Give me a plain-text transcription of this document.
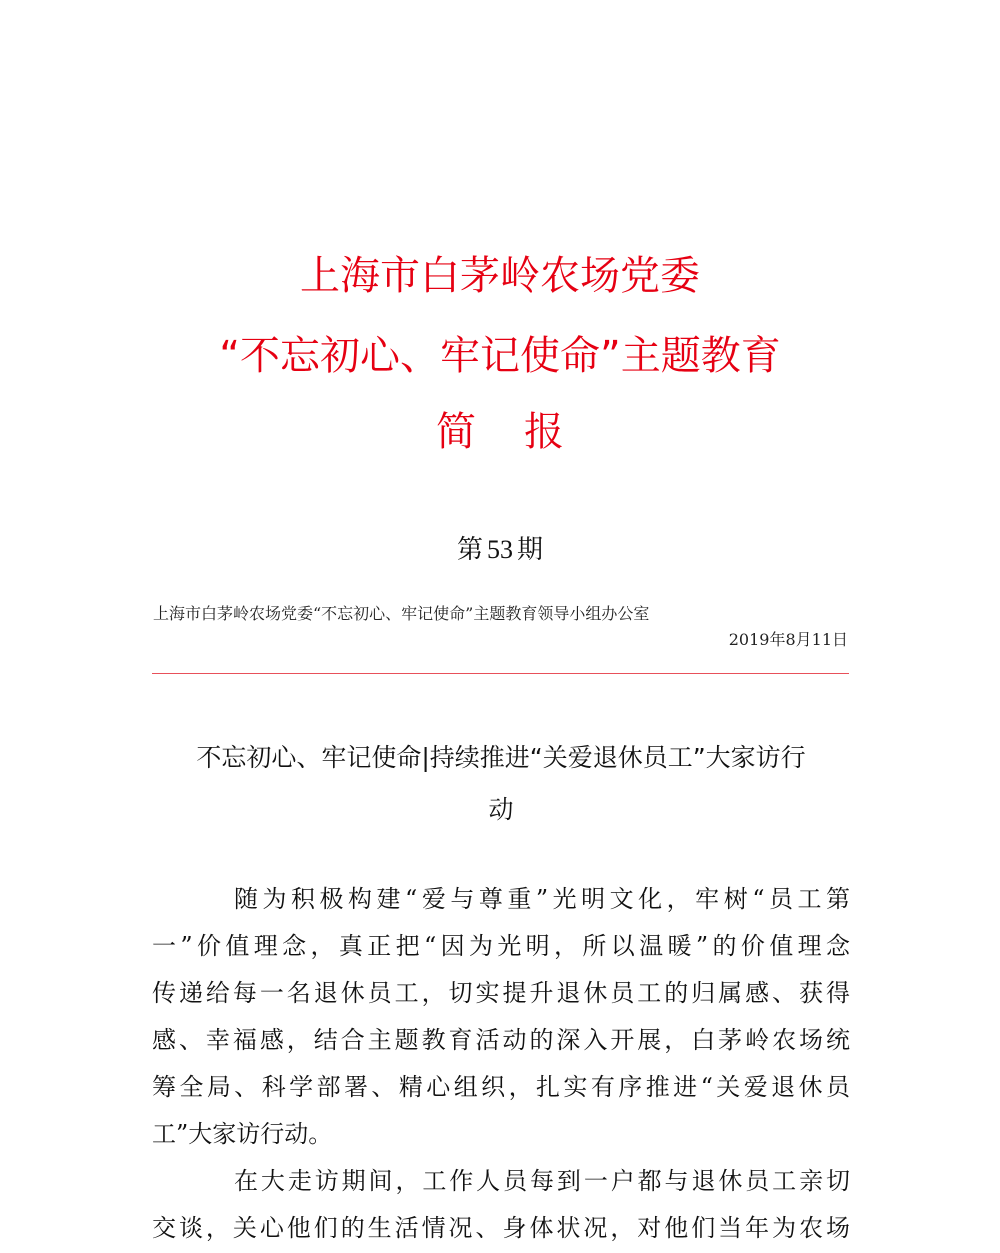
上海市白茅岭农场党委
“不忘初心、牢记使命”主题教育
简报
第 53 期
上海市白茅岭农场党委“不忘初心、牢记使命”主题教育领导小组办公室
2019年8月11日
不忘初心、牢记使命|持续推进“关爱退休员工”大家访行
动
随为积极构建“爱与尊重”光明文化，牢树“员工第
一”价值理念，真正把“因为光明，所以温暖”的价值理念
传递给每一名退休员工，切实提升退休员工的归属感、获得
感、幸福感，结合主题教育活动的深入开展，白茅岭农场统
筹全局、科学部署、精心组织，扎实有序推进“关爱退休员
工”大家访行动。
在大走访期间，工作人员每到一户都与退休员工亲切
交谈，关心他们的生活情况、身体状况，对他们当年为农场
